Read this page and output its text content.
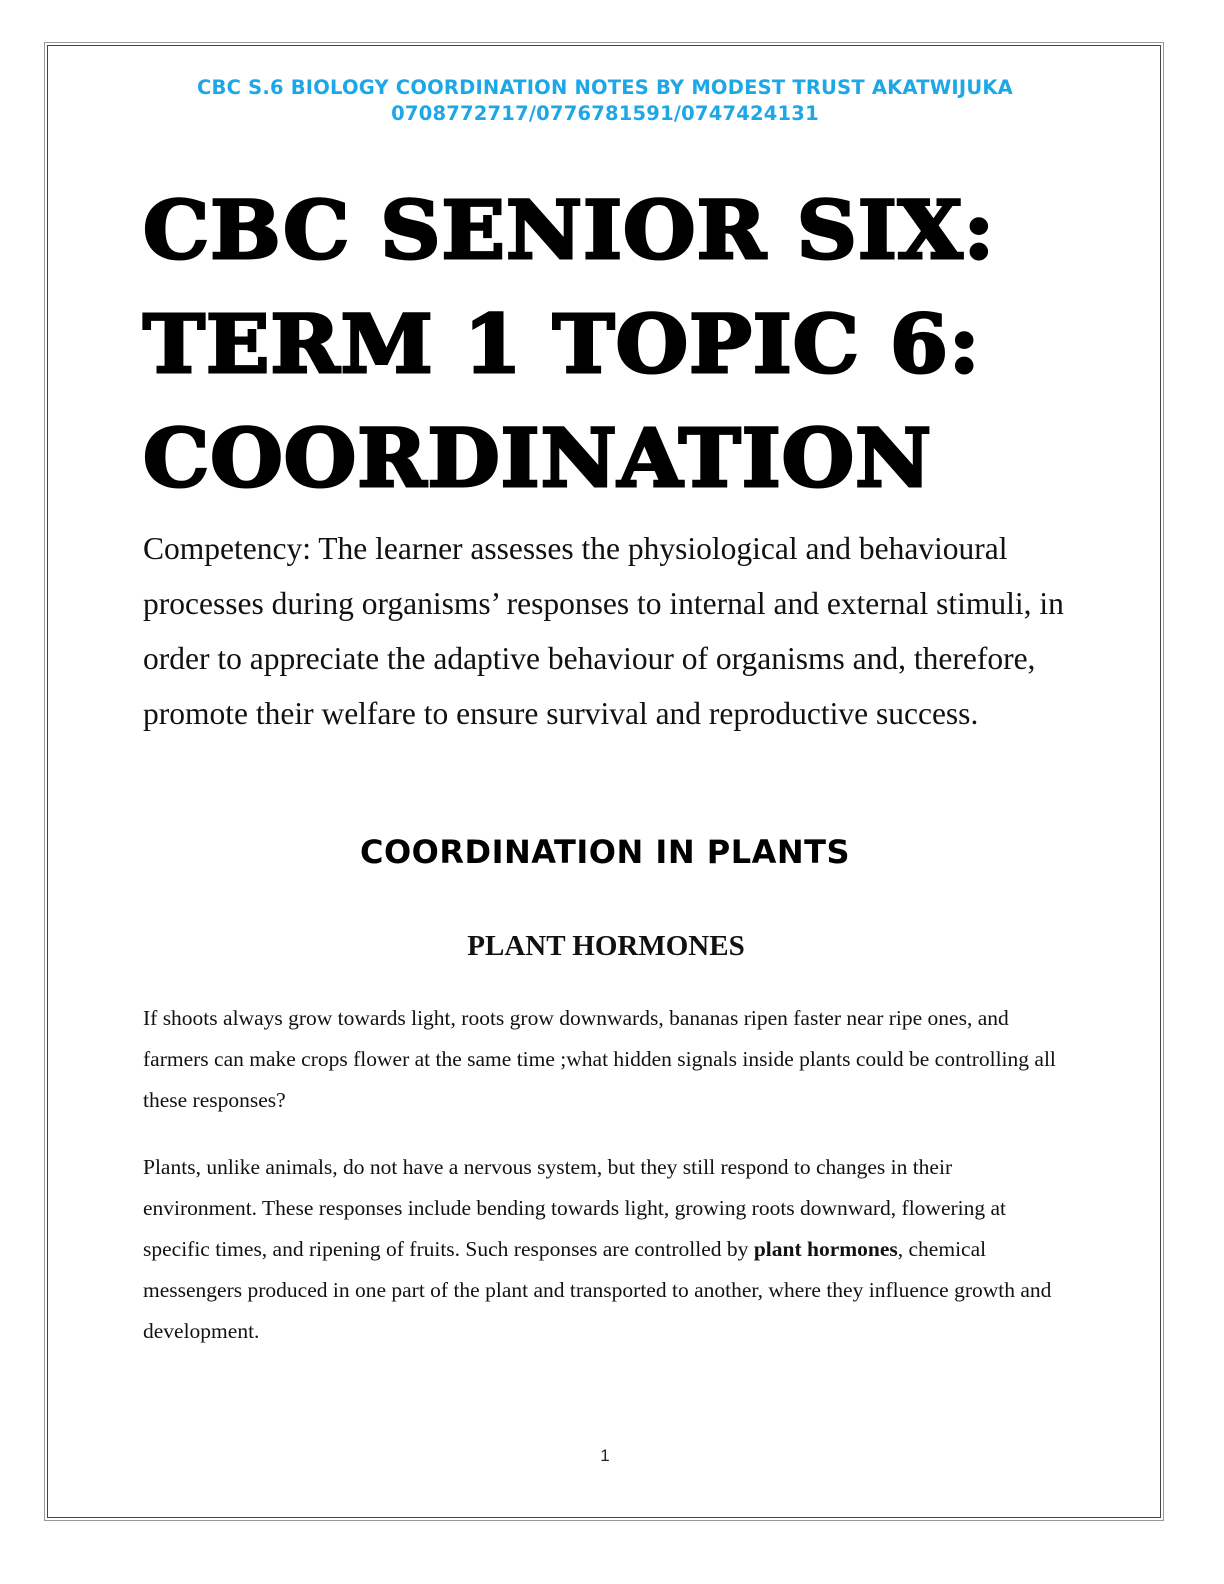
CBC S.6 BIOLOGY COORDINATION NOTES BY MODEST TRUST AKATWIJUKA
0708772717/0776781591/0747424131
CBC SENIOR SIX:
TERM 1 TOPIC 6:
COORDINATION
Competency: The learner assesses the physiological and behavioural processes during organisms’ responses to internal and external stimuli, in order to appreciate the adaptive behaviour of organisms and, therefore, promote their welfare to ensure survival and reproductive success.
COORDINATION IN PLANTS
PLANT HORMONES
If shoots always grow towards light, roots grow downwards, bananas ripen faster near ripe ones, and farmers can make crops flower at the same time ;what hidden signals inside plants could be controlling all these responses?
Plants, unlike animals, do not have a nervous system, but they still respond to changes in their environment. These responses include bending towards light, growing roots downward, flowering at specific times, and ripening of fruits. Such responses are controlled by plant hormones, chemical messengers produced in one part of the plant and transported to another, where they influence growth and development.
1
